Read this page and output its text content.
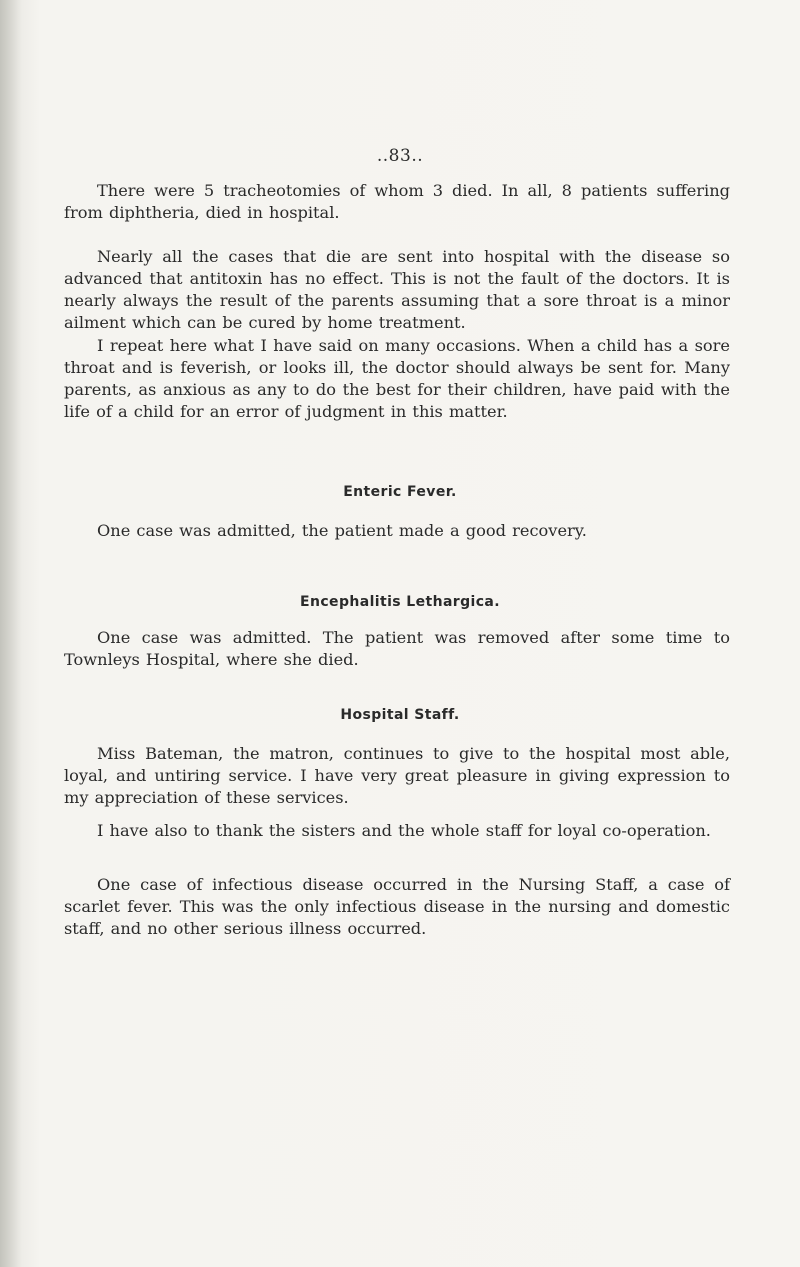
..83..

There were 5 tracheotomies of whom 3 died. In all, 8 patients suffering from diphtheria, died in hospital.

Nearly all the cases that die are sent into hospital with the disease so advanced that antitoxin has no effect. This is not the fault of the doctors. It is nearly always the result of the parents assuming that a sore throat is a minor ailment which can be cured by home treatment.

I repeat here what I have said on many occasions. When a child has a sore throat and is feverish, or looks ill, the doctor should always be sent for. Many parents, as anxious as any to do the best for their children, have paid with the life of a child for an error of judgment in this matter.

Enteric Fever.

One case was admitted, the patient made a good recovery.

Encephalitis Lethargica.

One case was admitted. The patient was removed after some time to Townleys Hospital, where she died.

Hospital Staff.

Miss Bateman, the matron, continues to give to the hospital most able, loyal, and untiring service. I have very great pleasure in giving expression to my appreciation of these services.

I have also to thank the sisters and the whole staff for loyal co-operation.

One case of infectious disease occurred in the Nursing Staff, a case of scarlet fever. This was the only infectious disease in the nursing and domestic staff, and no other serious illness occurred.
